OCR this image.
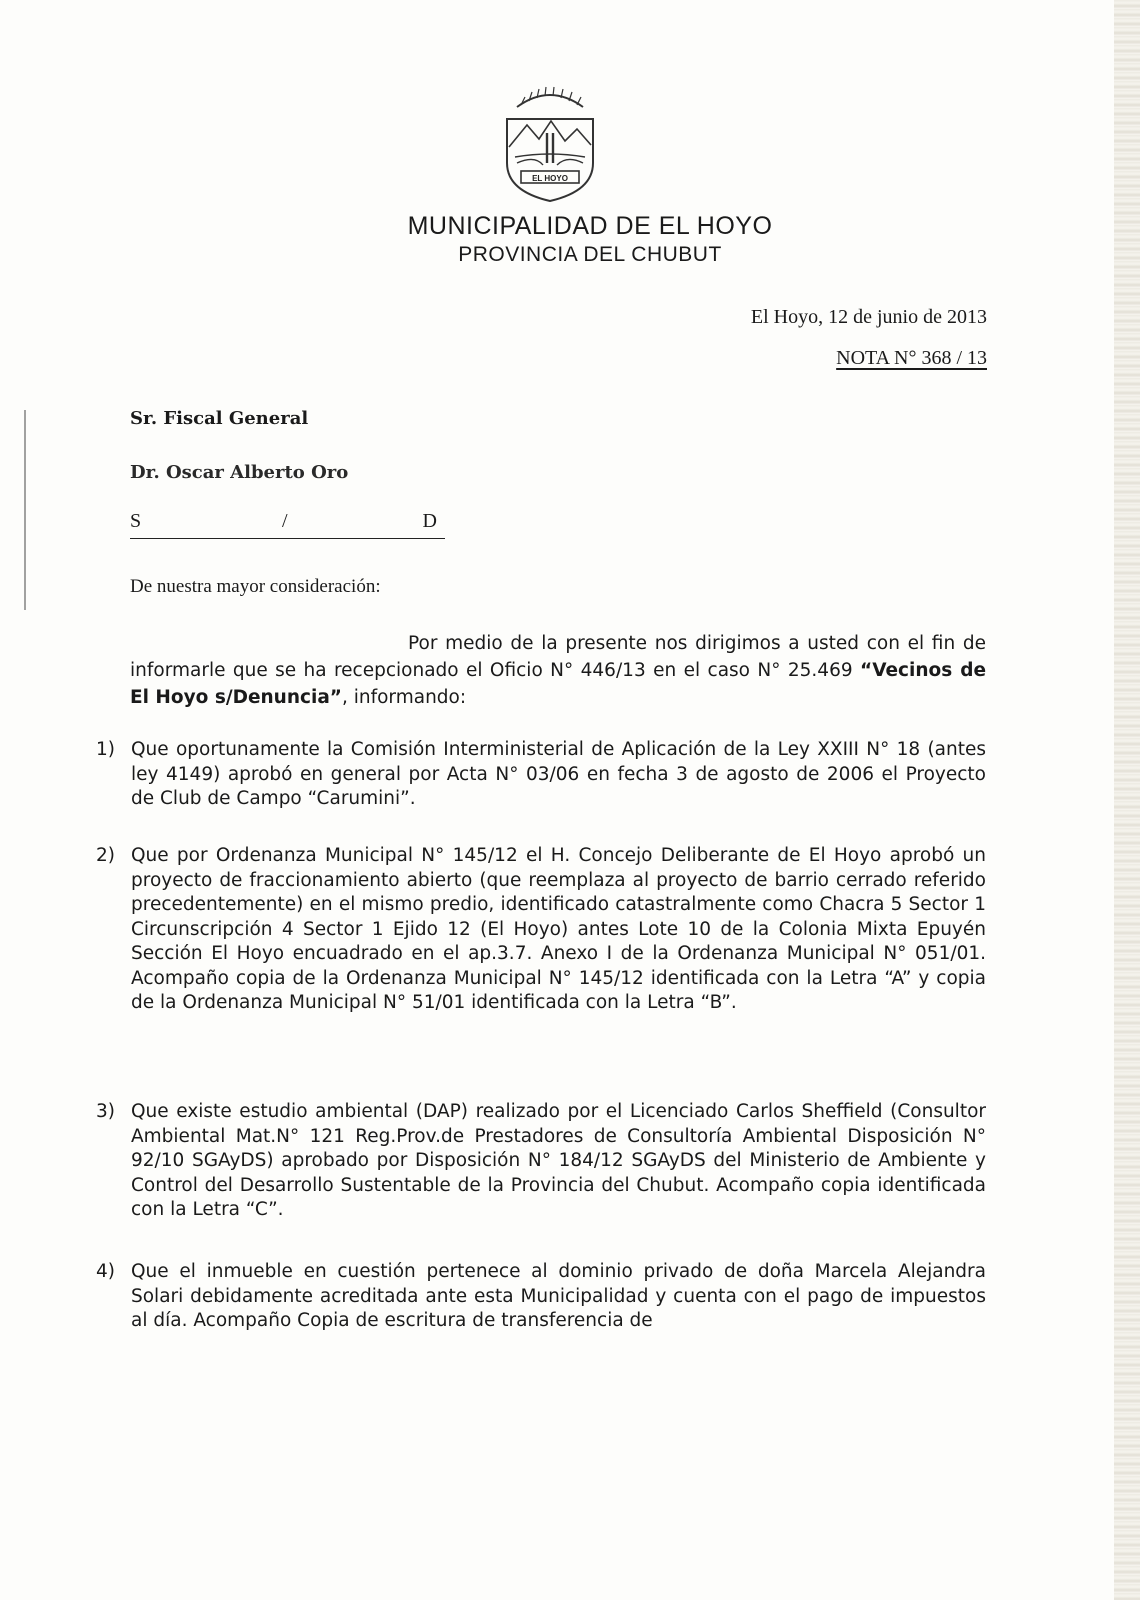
EL HOYO
MUNICIPALIDAD DE EL HOYO
PROVINCIA DEL CHUBUT
El Hoyo, 12 de junio de 2013
NOTA N° 368 / 13
Sr. Fiscal General
Dr. Oscar Alberto Oro
S	/	D
De nuestra mayor consideración:
Por medio de la presente nos dirigimos a usted con el fin de informarle que se ha recepcionado el Oficio N° 446/13 en el caso N° 25.469 “Vecinos de El Hoyo s/Denuncia”, informando:
1) Que oportunamente la Comisión Interministerial de Aplicación de la Ley XXIII N° 18 (antes ley 4149) aprobó en general por Acta N° 03/06 en fecha 3 de agosto de 2006 el Proyecto de Club de Campo “Carumini”.
2) Que por Ordenanza Municipal N° 145/12 el H. Concejo Deliberante de El Hoyo aprobó un proyecto de fraccionamiento abierto (que reemplaza al proyecto de barrio cerrado referido precedentemente) en el mismo predio, identificado catastralmente como Chacra 5 Sector 1 Circunscripción 4 Sector 1 Ejido 12 (El Hoyo) antes Lote 10 de la Colonia Mixta Epuyén Sección El Hoyo encuadrado en el ap.3.7. Anexo I de la Ordenanza Municipal N° 051/01. Acompaño copia de la Ordenanza Municipal N° 145/12 identificada con la Letra “A” y copia de la Ordenanza Municipal N° 51/01 identificada con la Letra “B”.
3) Que existe estudio ambiental (DAP) realizado por el Licenciado Carlos Sheffield (Consultor Ambiental Mat.N° 121 Reg.Prov.de Prestadores de Consultoría Ambiental Disposición N° 92/10 SGAyDS) aprobado por Disposición N° 184/12 SGAyDS del Ministerio de Ambiente y Control del Desarrollo Sustentable de la Provincia del Chubut. Acompaño copia identificada con la Letra “C”.
4) Que el inmueble en cuestión pertenece al dominio privado de doña Marcela Alejandra Solari debidamente acreditada ante esta Municipalidad y cuenta con el pago de impuestos al día. Acompaño Copia de escritura de transferencia de
